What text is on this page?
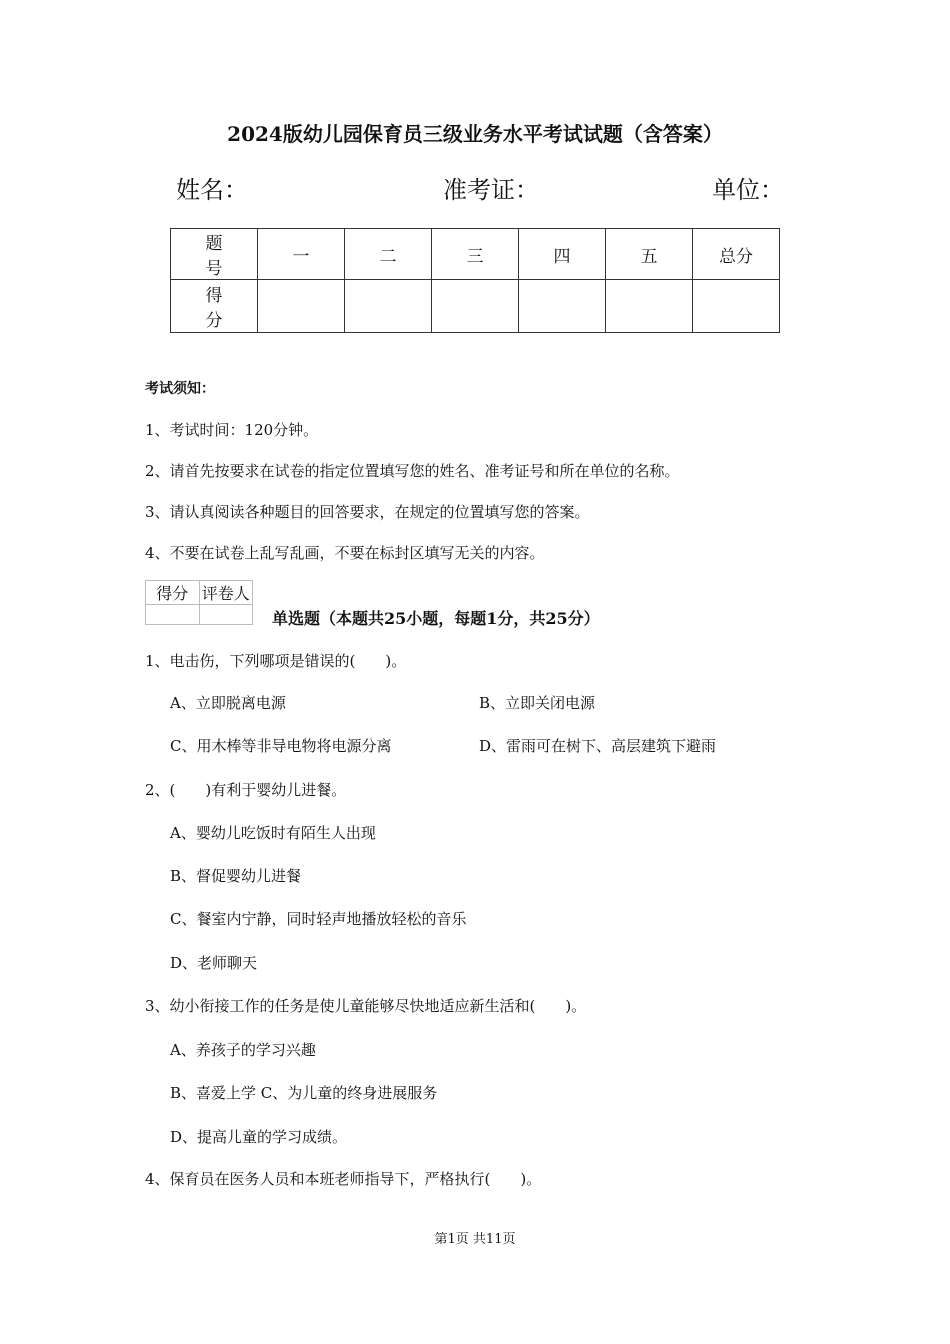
2024版幼儿园保育员三级业务水平考试试题（含答案）
姓名：	准考证：	单位：
题 号	一	二	三	四	五	总分
得 分						
考试须知：
1、考试时间：120分钟。
2、请首先按要求在试卷的指定位置填写您的姓名、准考证号和所在单位的名称。
3、请认真阅读各种题目的回答要求，在规定的位置填写您的答案。
4、不要在试卷上乱写乱画，不要在标封区填写无关的内容。
得分	评卷人

单选题（本题共25小题，每题1分，共25分）
1、电击伤，下列哪项是错误的(　　)。
A、立即脱离电源	B、立即关闭电源
C、用木棒等非导电物将电源分离	D、雷雨可在树下、高层建筑下避雨
2、(　　)有利于婴幼儿进餐。
A、婴幼儿吃饭时有陌生人出现
B、督促婴幼儿进餐
C、餐室内宁静，同时轻声地播放轻松的音乐
D、老师聊天
3、幼小衔接工作的任务是使儿童能够尽快地适应新生活和(　　)。
A、养孩子的学习兴趣
B、喜爱上学 C、为儿童的终身进展服务
D、提高儿童的学习成绩。
4、保育员在医务人员和本班老师指导下，严格执行(　　)。
第1页 共11页
